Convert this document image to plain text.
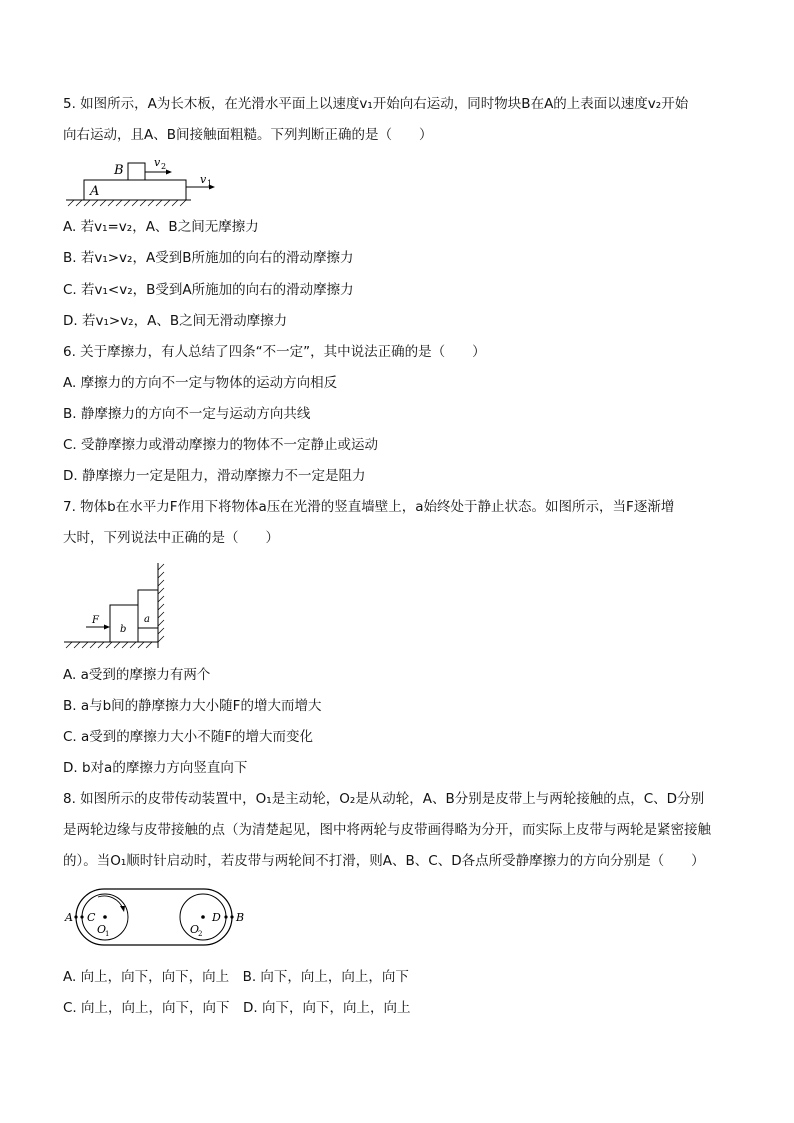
5. 如图所示，A为长木板，在光滑水平面上以速度v₁开始向右运动，同时物块B在A的上表面以速度v₂开始
向右运动，且A、B间接触面粗糙。下列判断正确的是（　　）
A
B
v 2
v 1
A. 若v₁=v₂，A、B之间无摩擦力
B. 若v₁>v₂，A受到B所施加的向右的滑动摩擦力
C. 若v₁<v₂，B受到A所施加的向右的滑动摩擦力
D. 若v₁>v₂，A、B之间无滑动摩擦力
6. 关于摩擦力，有人总结了四条“不一定”，其中说法正确的是（　　）
A. 摩擦力的方向不一定与物体的运动方向相反
B. 静摩擦力的方向不一定与运动方向共线
C. 受静摩擦力或滑动摩擦力的物体不一定静止或运动
D. 静摩擦力一定是阻力，滑动摩擦力不一定是阻力
7. 物体b在水平力F作用下将物体a压在光滑的竖直墙壁上，a始终处于静止状态。如图所示，当F逐渐增
大时，下列说法中正确的是（　　）
F
b
a
A. a受到的摩擦力有两个
B. a与b间的静摩擦力大小随F的增大而增大
C. a受到的摩擦力大小不随F的增大而变化
D. b对a的摩擦力方向竖直向下
8. 如图所示的皮带传动装置中，O₁是主动轮，O₂是从动轮，A、B分别是皮带上与两轮接触的点，C、D分别
是两轮边缘与皮带接触的点（为清楚起见，图中将两轮与皮带画得略为分开，而实际上皮带与两轮是紧密接触
的）。当O₁顺时针启动时，若皮带与两轮间不打滑，则A、B、C、D各点所受静摩擦力的方向分别是（　　）
A C	D B
O
1	O
2
A. 向上，向下，向下，向上　B. 向下，向上，向上，向下
C. 向上，向上，向下，向下　D. 向下，向下，向上，向上
